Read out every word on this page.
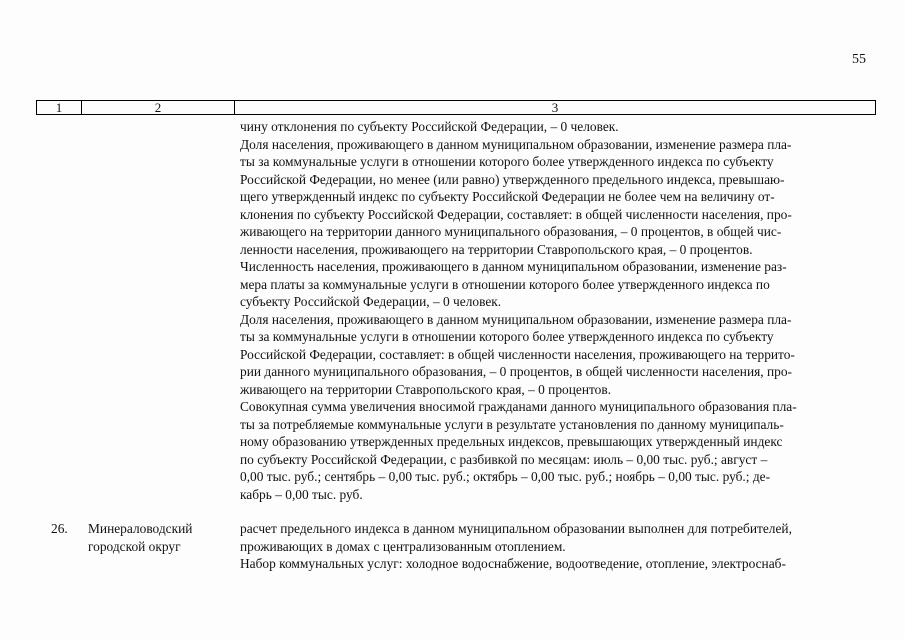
55
1	2	3

чину отклонения по субъекту Российской Федерации, – 0 человек.

Доля населения, проживающего в данном муниципальном образовании, изменение размера пла-
ты за коммунальные услуги в отношении которого более утвержденного индекса по субъекту
Российской Федерации, но менее (или равно) утвержденного предельного индекса, превышаю-
щего утвержденный индекс по субъекту Российской Федерации не более чем на величину от-
клонения по субъекту Российской Федерации, составляет: в общей численности населения, про-
живающего на территории данного муниципального образования, – 0 процентов, в общей чис-
ленности населения, проживающего на территории Ставропольского края, – 0 процентов.

Численность населения, проживающего в данном муниципальном образовании, изменение раз-
мера платы за коммунальные услуги в отношении которого более утвержденного индекса по
субъекту Российской Федерации, – 0 человек.

Доля населения, проживающего в данном муниципальном образовании, изменение размера пла-
ты за коммунальные услуги в отношении которого более утвержденного индекса по субъекту
Российской Федерации, составляет: в общей численности населения, проживающего на террито-
рии данного муниципального образования, – 0 процентов, в общей численности населения, про-
живающего на территории Ставропольского края, – 0 процентов.

Совокупная сумма увеличения вносимой гражданами данного муниципального образования пла-
ты за потребляемые коммунальные услуги в результате установления по данному муниципаль-
ному образованию утвержденных предельных индексов, превышающих утвержденный индекс
по субъекту Российской Федерации, с разбивкой по месяцам: июль – 0,00 тыс. руб.; август –
0,00 тыс. руб.; сентябрь – 0,00 тыс. руб.; октябрь – 0,00 тыс. руб.; ноябрь – 0,00 тыс. руб.; де-
кабрь – 0,00 тыс. руб.

26. Минераловодский
городской округ

расчет предельного индекса в данном муниципальном образовании выполнен для потребителей,
проживающих в домах с централизованным отоплением.

Набор коммунальных услуг: холодное водоснабжение, водоотведение, отопление, электроснаб-
